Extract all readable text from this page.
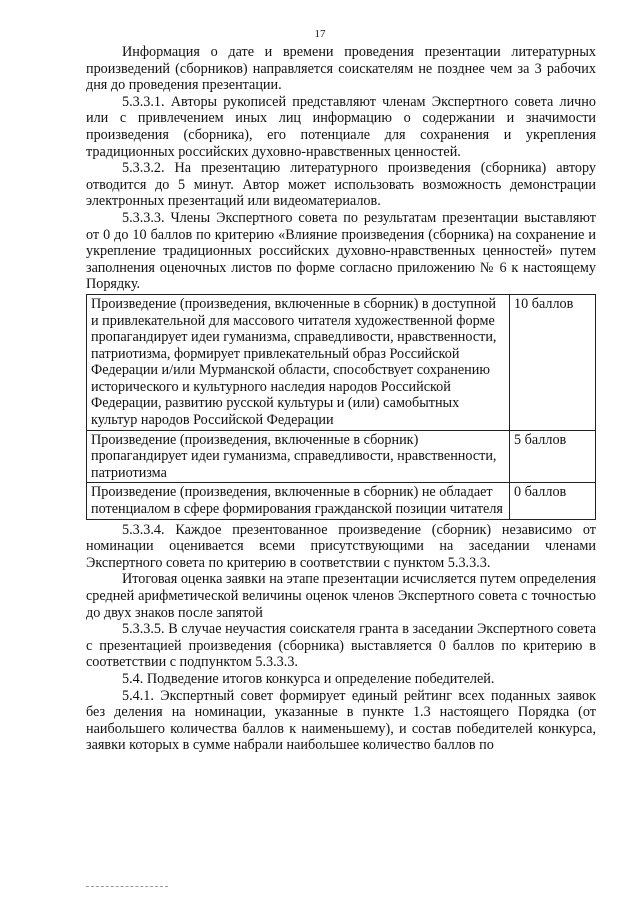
17

Информация о дате и времени проведения презентации литературных произведений (сборников) направляется соискателям не позднее чем за 3 рабочих дня до проведения презентации.

5.3.3.1. Авторы рукописей представляют членам Экспертного совета лично или с привлечением иных лиц информацию о содержании и значимости произведения (сборника), его потенциале для сохранения и укрепления традиционных российских духовно-нравственных ценностей.

5.3.3.2. На презентацию литературного произведения (сборника) автору отводится до 5 минут. Автор может использовать возможность демонстрации электронных презентаций или видеоматериалов.

5.3.3.3. Члены Экспертного совета по результатам презентации выставляют от 0 до 10 баллов по критерию «Влияние произведения (сборника) на сохранение и укрепление традиционных российских духовно-нравственных ценностей» путем заполнения оценочных листов по форме согласно приложению № 6 к настоящему Порядку.

Произведение (произведения, включенные в сборник) в доступной и привлекательной для массового читателя художественной форме пропагандирует идеи гуманизма, справедливости, нравственности, патриотизма, формирует привлекательный образ Российской Федерации и/или Мурманской области, способствует сохранению исторического и культурного наследия народов Российской Федерации, развитию русской культуры и (или) самобытных культур народов Российской Федерации	10 баллов
Произведение (произведения, включенные в сборник) пропагандирует идеи гуманизма, справедливости, нравственности, патриотизма	5 баллов
Произведение (произведения, включенные в сборник) не обладает потенциалом в сфере формирования гражданской позиции читателя	0 баллов

5.3.3.4. Каждое презентованное произведение (сборник) независимо от номинации оценивается всеми присутствующими на заседании членами Экспертного совета по критерию в соответствии с пунктом 5.3.3.3.

Итоговая оценка заявки на этапе презентации исчисляется путем определения средней арифметической величины оценок членов Экспертного совета с точностью до двух знаков после запятой

5.3.3.5. В случае неучастия соискателя гранта в заседании Экспертного совета с презентацией произведения (сборника) выставляется 0 баллов по критерию в соответствии с подпунктом 5.3.3.3.

5.4. Подведение итогов конкурса и определение победителей.

5.4.1. Экспертный совет формирует единый рейтинг всех поданных заявок без деления на номинации, указанные в пункте 1.3 настоящего Порядка (от наибольшего количества баллов к наименьшему), и состав победителей конкурса, заявки которых в сумме набрали наибольшее количество баллов по
